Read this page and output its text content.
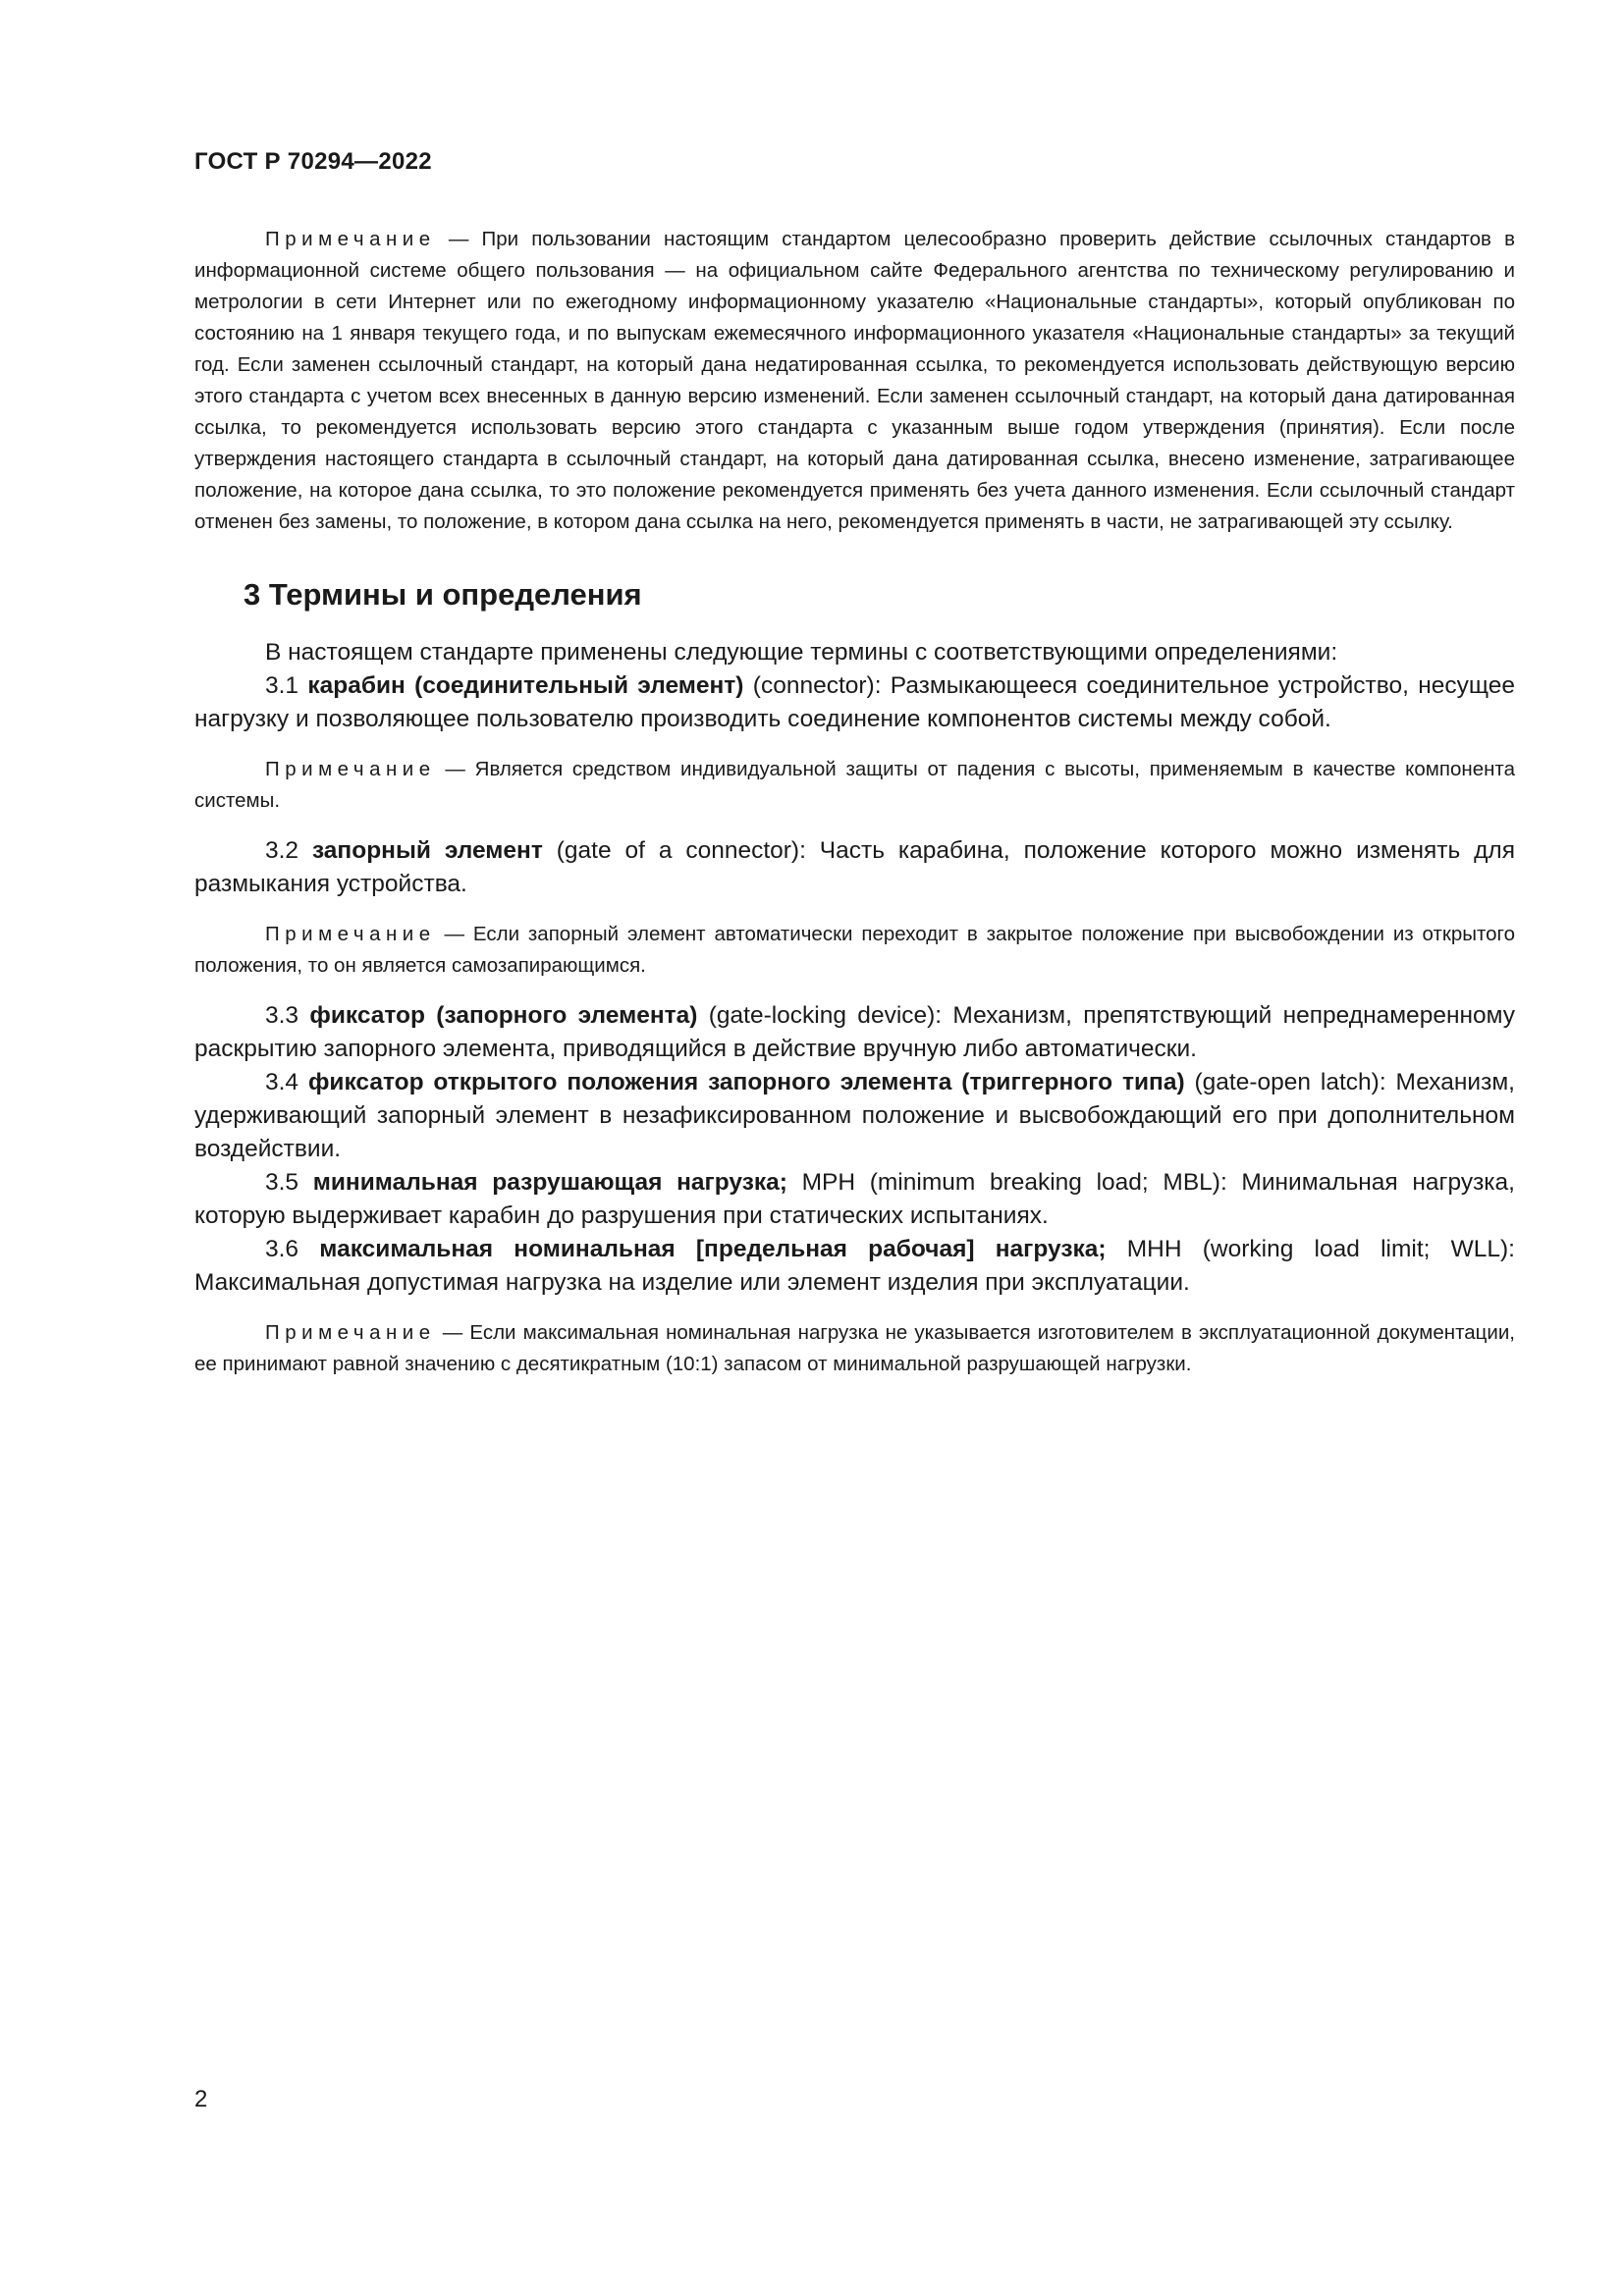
ГОСТ Р 70294—2022

Примечание — При пользовании настоящим стандартом целесообразно проверить действие ссылочных стандартов в информационной системе общего пользования — на официальном сайте Федерального агентства по техническому регулированию и метрологии в сети Интернет или по ежегодному информационному указателю «Национальные стандарты», который опубликован по состоянию на 1 января текущего года, и по выпускам ежемесячного информационного указателя «Национальные стандарты» за текущий год. Если заменен ссылочный стандарт, на который дана недатированная ссылка, то рекомендуется использовать действующую версию этого стандарта с учетом всех внесенных в данную версию изменений. Если заменен ссылочный стандарт, на который дана датированная ссылка, то рекомендуется использовать версию этого стандарта с указанным выше годом утверждения (принятия). Если после утверждения настоящего стандарта в ссылочный стандарт, на который дана датированная ссылка, внесено изменение, затрагивающее положение, на которое дана ссылка, то это положение рекомендуется применять без учета данного изменения. Если ссылочный стандарт отменен без замены, то положение, в котором дана ссылка на него, рекомендуется применять в части, не затрагивающей эту ссылку.

3 Термины и определения

В настоящем стандарте применены следующие термины с соответствующими определениями:

3.1 карабин (соединительный элемент) (connector): Размыкающееся соединительное устройство, несущее нагрузку и позволяющее пользователю производить соединение компонентов системы между собой.

Примечание — Является средством индивидуальной защиты от падения с высоты, применяемым в качестве компонента системы.

3.2 запорный элемент (gate of a connector): Часть карабина, положение которого можно изменять для размыкания устройства.

Примечание — Если запорный элемент автоматически переходит в закрытое положение при высвобождении из открытого положения, то он является самозапирающимся.

3.3 фиксатор (запорного элемента) (gate-locking device): Механизм, препятствующий непреднамеренному раскрытию запорного элемента, приводящийся в действие вручную либо автоматически.

3.4 фиксатор открытого положения запорного элемента (триггерного типа) (gate-open latch): Механизм, удерживающий запорный элемент в незафиксированном положение и высвобождающий его при дополнительном воздействии.

3.5 минимальная разрушающая нагрузка; МРН (minimum breaking load; MBL): Минимальная нагрузка, которую выдерживает карабин до разрушения при статических испытаниях.

3.6 максимальная номинальная [предельная рабочая] нагрузка; МНН (working load limit; WLL): Максимальная допустимая нагрузка на изделие или элемент изделия при эксплуатации.

Примечание — Если максимальная номинальная нагрузка не указывается изготовителем в эксплуатационной документации, ее принимают равной значению с десятикратным (10:1) запасом от минимальной разрушающей нагрузки.

2
